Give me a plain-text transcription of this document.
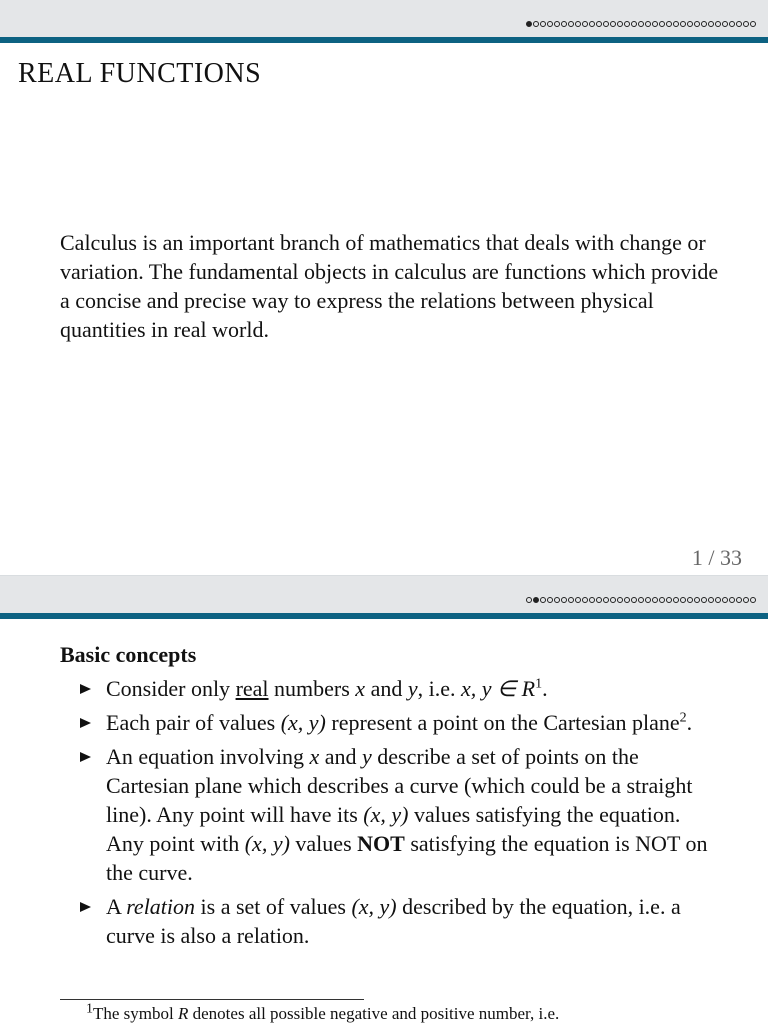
REAL FUNCTIONS

Calculus is an important branch of mathematics that deals with change or variation. The fundamental objects in calculus are functions which provide a concise and precise way to express the relations between physical quantities in real world.

1 / 33
Basic concepts
Consider only real numbers x and y, i.e. x, y ∈ $R^1$.
Each pair of values (x, y) represent a point on the Cartesian plane$^2$.
An equation involving x and y describe a set of points on the Cartesian plane which describes a curve (which could be a straight line). Any point will have its (x, y) values satisfying the equation. Any point with (x, y) values NOT satisfying the equation is NOT on the curve.
A relation is a set of values (x, y) described by the equation, i.e. a curve is also a relation.

$^1$The symbol R denotes all possible negative and positive number, i.e.
